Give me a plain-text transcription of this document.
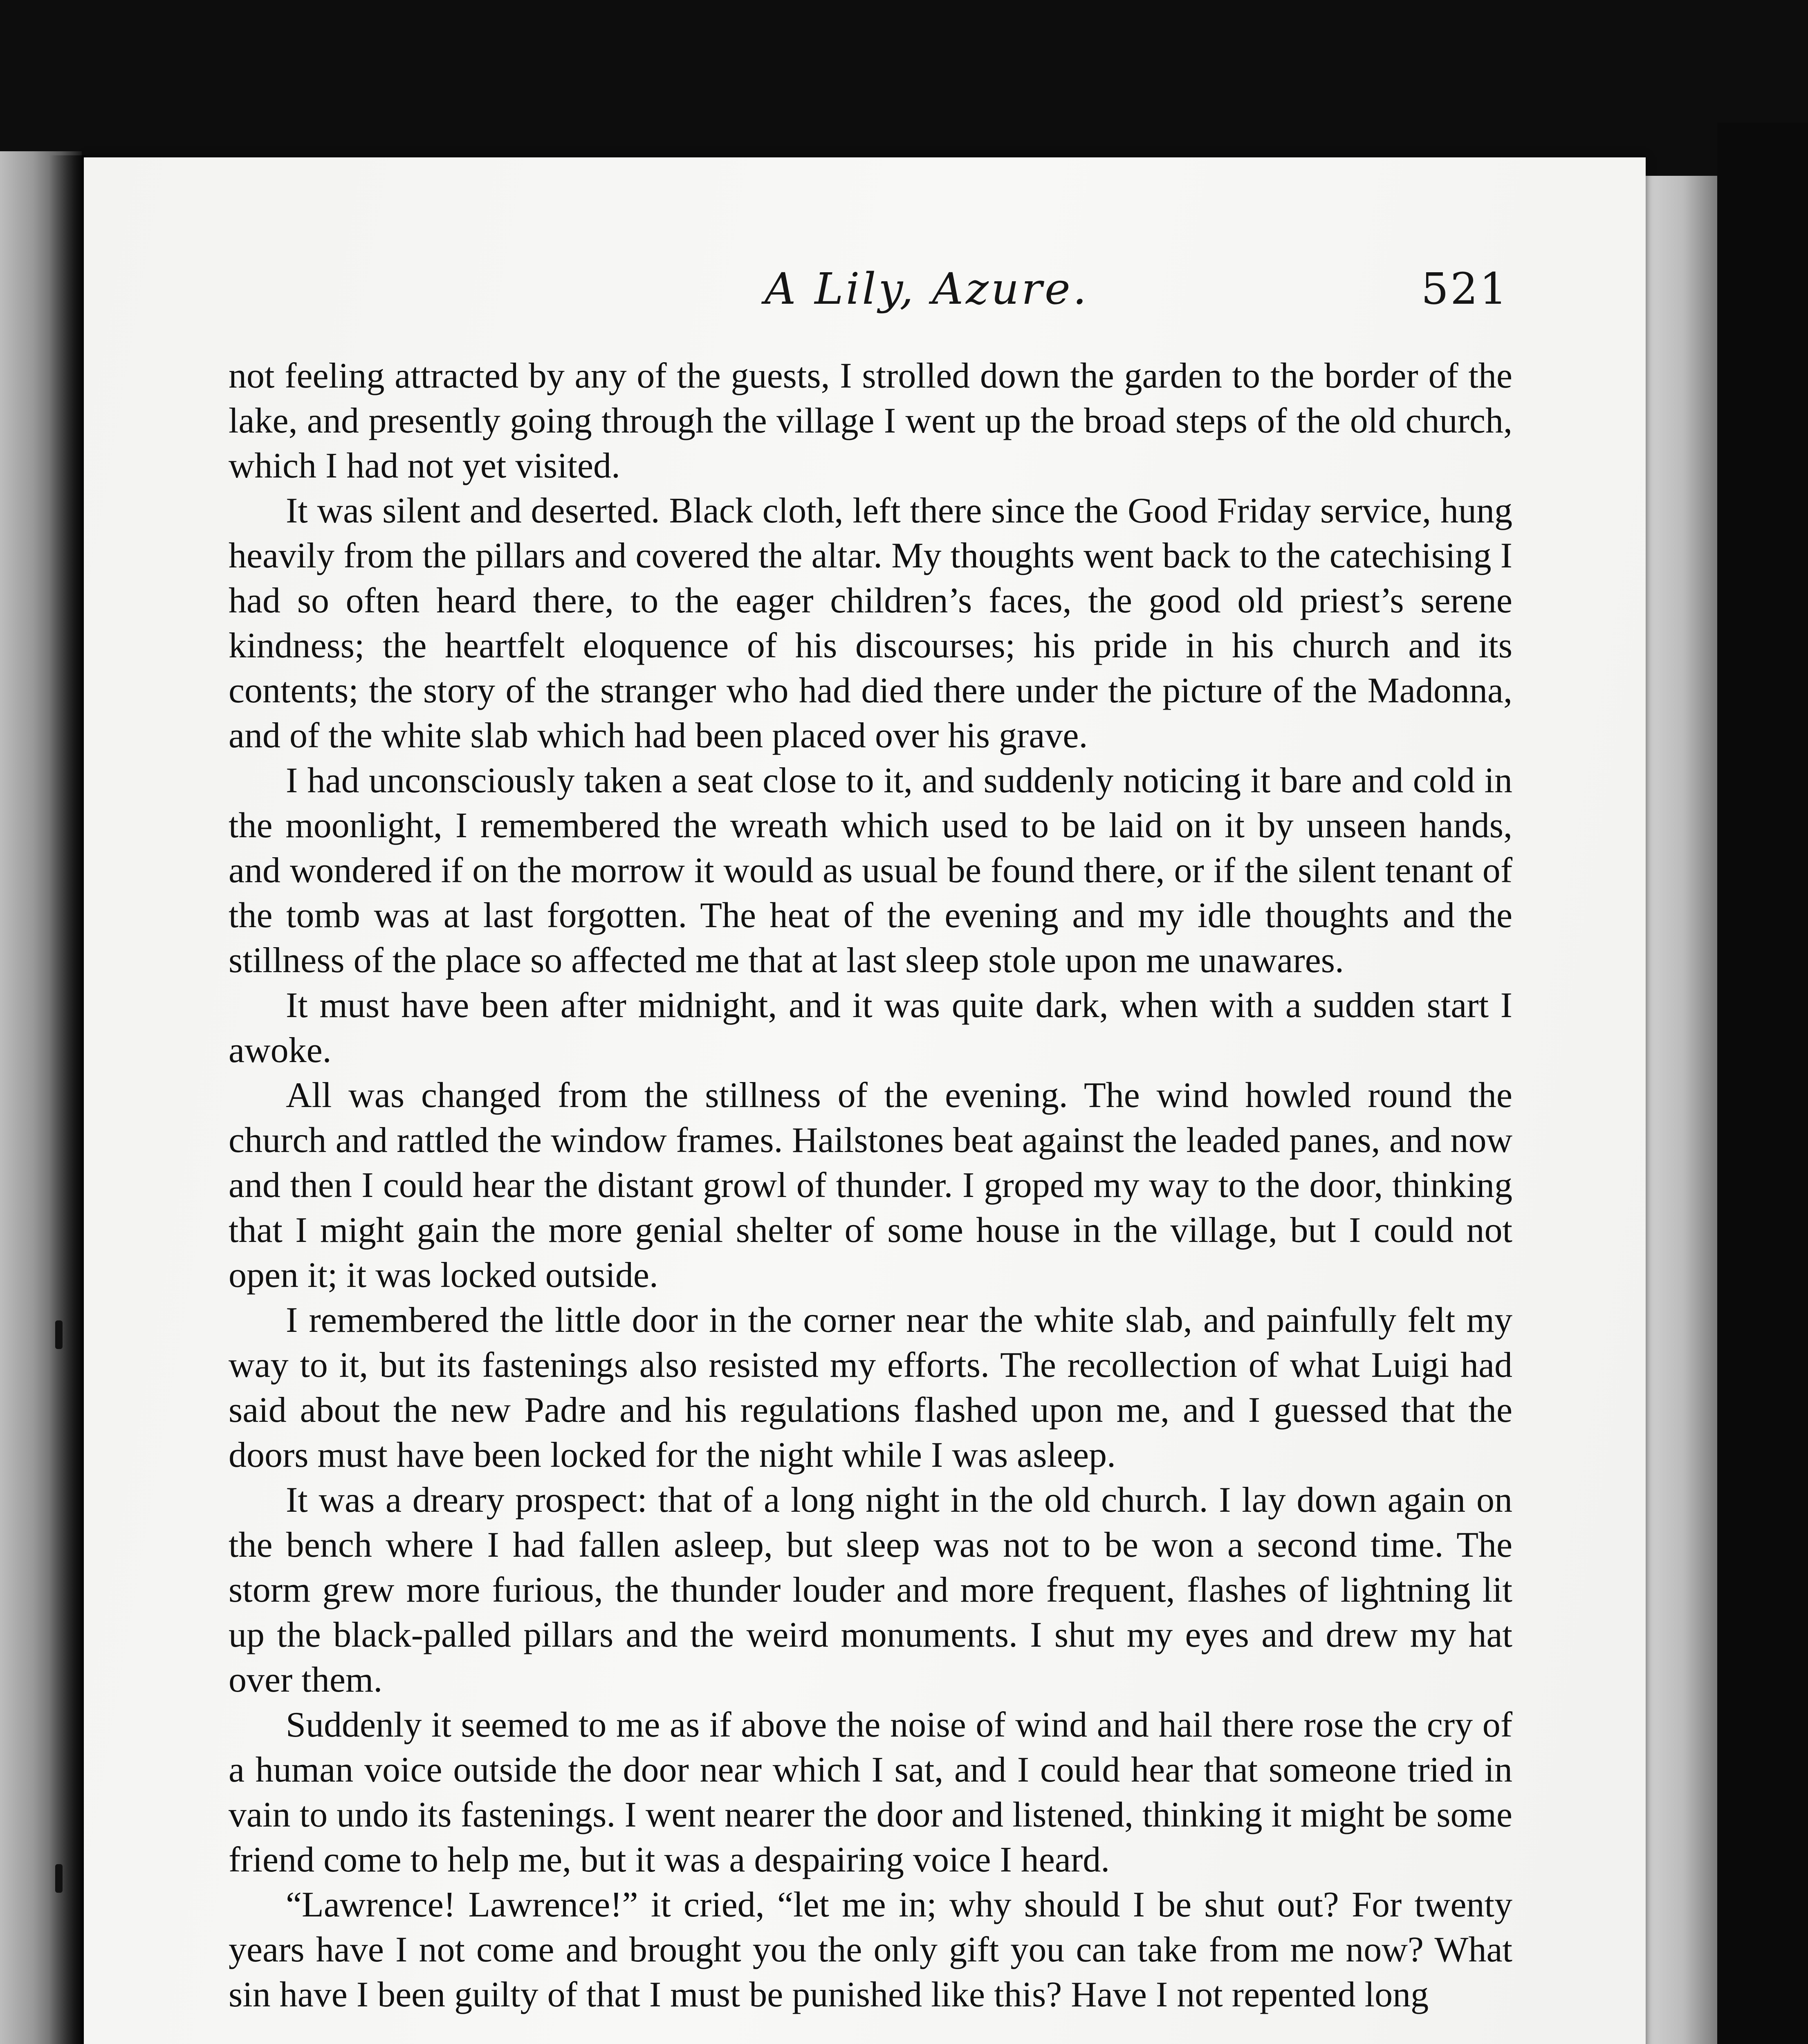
A Lily, Azure.	521

not feeling attracted by any of the guests, I strolled down the garden to the border of the lake, and presently going through the village I went up the broad steps of the old church, which I had not yet visited.

It was silent and deserted. Black cloth, left there since the Good Friday service, hung heavily from the pillars and covered the altar. My thoughts went back to the catechising I had so often heard there, to the eager children’s faces, the good old priest’s serene kindness; the heartfelt eloquence of his discourses; his pride in his church and its contents; the story of the stranger who had died there under the picture of the Madonna, and of the white slab which had been placed over his grave.

I had unconsciously taken a seat close to it, and suddenly noticing it bare and cold in the moonlight, I remembered the wreath which used to be laid on it by unseen hands, and wondered if on the morrow it would as usual be found there, or if the silent tenant of the tomb was at last forgotten. The heat of the evening and my idle thoughts and the stillness of the place so affected me that at last sleep stole upon me unawares.

It must have been after midnight, and it was quite dark, when with a sudden start I awoke.

All was changed from the stillness of the evening. The wind howled round the church and rattled the window frames. Hailstones beat against the leaded panes, and now and then I could hear the distant growl of thunder. I groped my way to the door, thinking that I might gain the more genial shelter of some house in the village, but I could not open it; it was locked outside.

I remembered the little door in the corner near the white slab, and painfully felt my way to it, but its fastenings also resisted my efforts. The recollection of what Luigi had said about the new Padre and his regulations flashed upon me, and I guessed that the doors must have been locked for the night while I was asleep.

It was a dreary prospect: that of a long night in the old church. I lay down again on the bench where I had fallen asleep, but sleep was not to be won a second time. The storm grew more furious, the thunder louder and more frequent, flashes of lightning lit up the black-palled pillars and the weird monuments. I shut my eyes and drew my hat over them.

Suddenly it seemed to me as if above the noise of wind and hail there rose the cry of a human voice outside the door near which I sat, and I could hear that someone tried in vain to undo its fastenings. I went nearer the door and listened, thinking it might be some friend come to help me, but it was a despairing voice I heard.

“Lawrence! Lawrence!” it cried, “let me in; why should I be shut out? For twenty years have I not come and brought you the only gift you can take from me now? What sin have I been guilty of that I must be punished like this? Have I not repented long
